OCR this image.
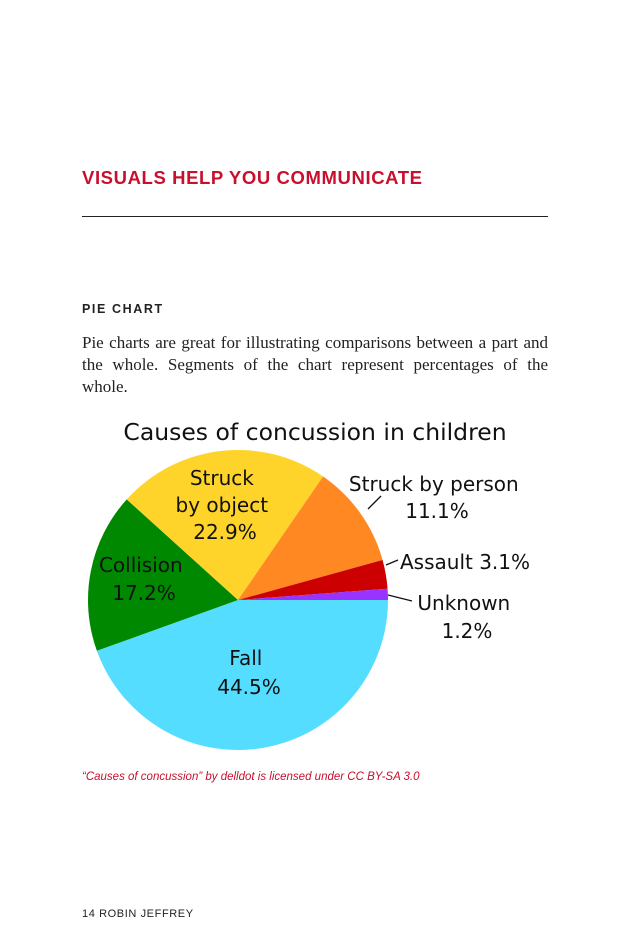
VISUALS HELP YOU COMMUNICATE
PIE CHART

Pie charts are great for illustrating comparisons between a part and the whole. Segments of the chart represent percentages of the whole.

Causes of concussion in children
Fall 44.5%
Collision 17.2%
Struck by object 22.9%
Struck by person 11.1%
Assault 3.1%
Unknown 1.2%
“Causes of concussion” by delldot is licensed under CC BY-SA 3.0
14 ROBIN JEFFREY
